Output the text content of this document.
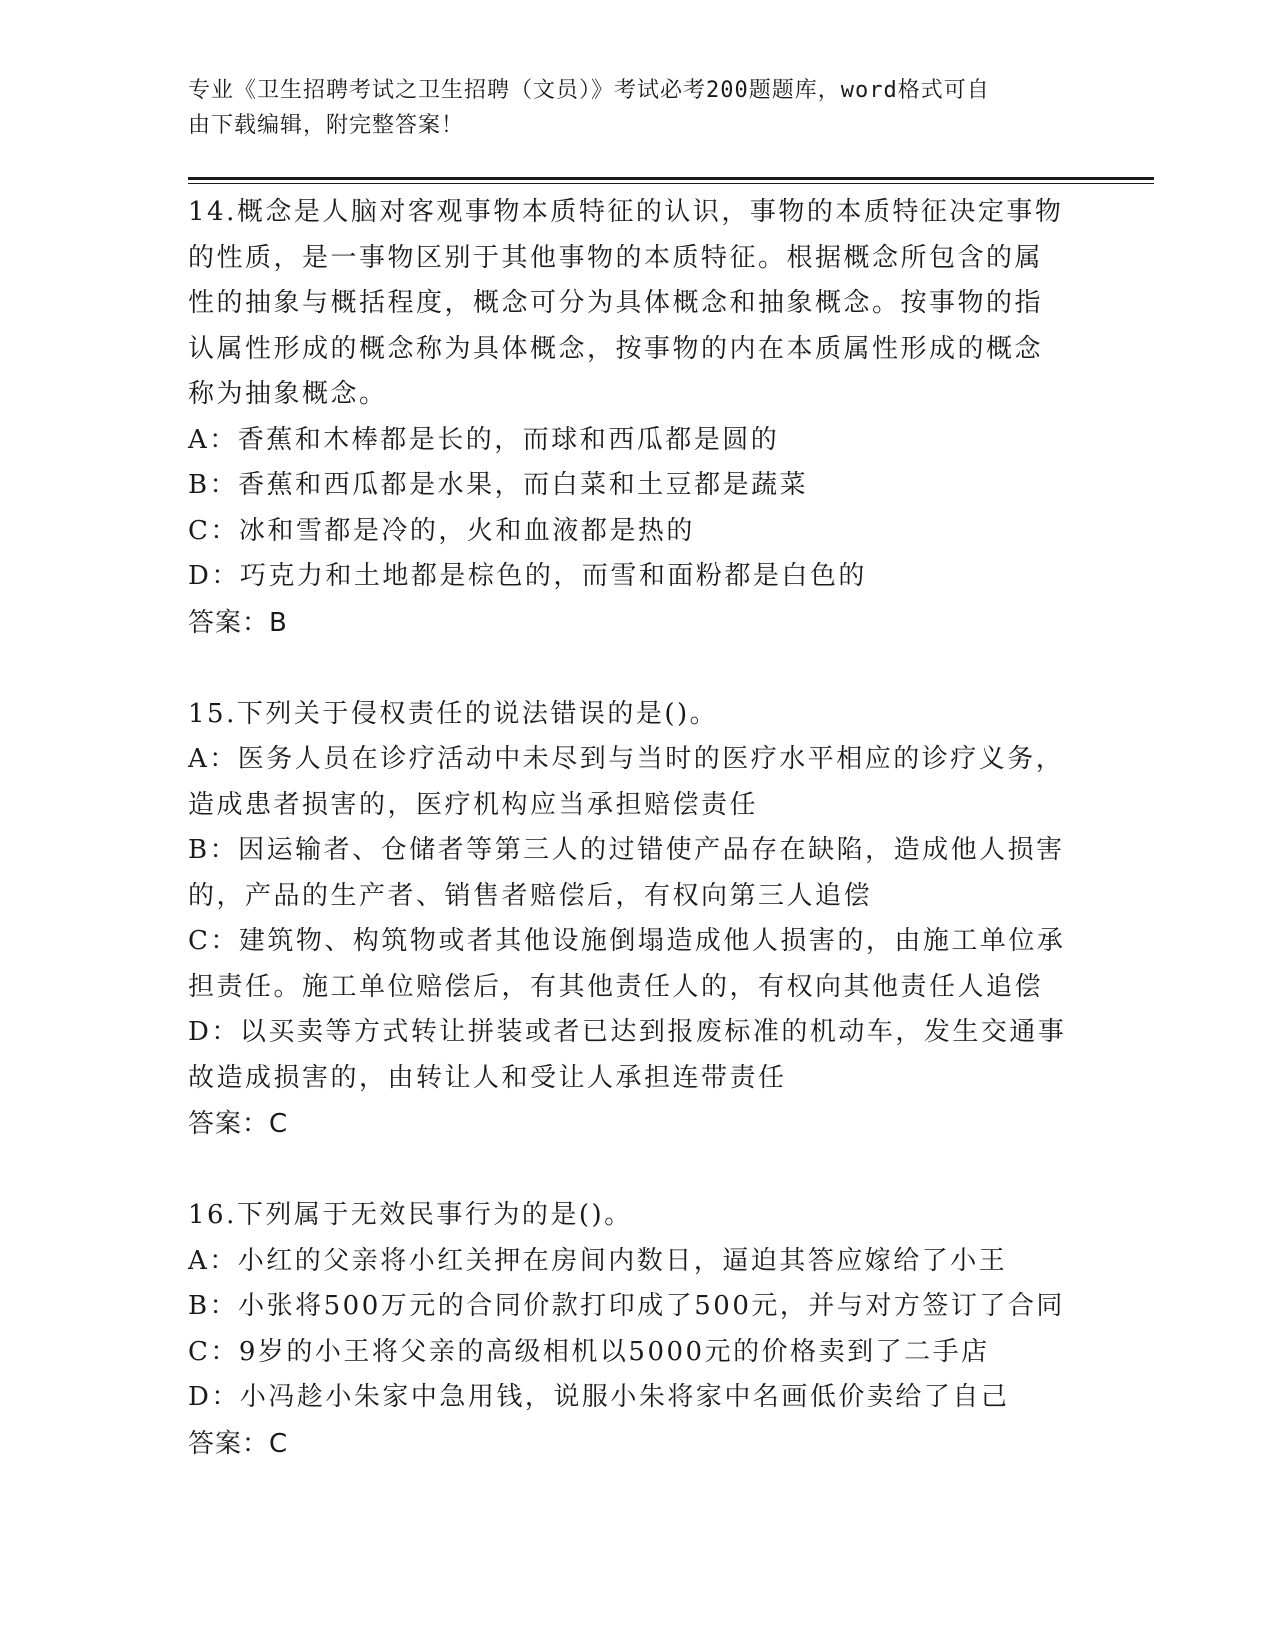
专业《卫生招聘考试之卫生招聘（文员）》考试必考200题题库，word格式可自
由下载编辑，附完整答案！
14.概念是人脑对客观事物本质特征的认识，事物的本质特征决定事物
的性质，是一事物区别于其他事物的本质特征。根据概念所包含的属
性的抽象与概括程度，概念可分为具体概念和抽象概念。按事物的指
认属性形成的概念称为具体概念，按事物的内在本质属性形成的概念
称为抽象概念。
A：香蕉和木棒都是长的，而球和西瓜都是圆的
B：香蕉和西瓜都是水果，而白菜和土豆都是蔬菜
C：冰和雪都是冷的，火和血液都是热的
D：巧克力和土地都是棕色的，而雪和面粉都是白色的
答案：B
15.下列关于侵权责任的说法错误的是()。
A：医务人员在诊疗活动中未尽到与当时的医疗水平相应的诊疗义务，
造成患者损害的，医疗机构应当承担赔偿责任
B：因运输者、仓储者等第三人的过错使产品存在缺陷，造成他人损害
的，产品的生产者、销售者赔偿后，有权向第三人追偿
C：建筑物、构筑物或者其他设施倒塌造成他人损害的，由施工单位承
担责任。施工单位赔偿后，有其他责任人的，有权向其他责任人追偿
D：以买卖等方式转让拼装或者已达到报废标准的机动车，发生交通事
故造成损害的，由转让人和受让人承担连带责任
答案：C
16.下列属于无效民事行为的是()。
A：小红的父亲将小红关押在房间内数日，逼迫其答应嫁给了小王
B：小张将500万元的合同价款打印成了500元，并与对方签订了合同
C：9岁的小王将父亲的高级相机以5000元的价格卖到了二手店
D：小冯趁小朱家中急用钱，说服小朱将家中名画低价卖给了自己
答案：C
